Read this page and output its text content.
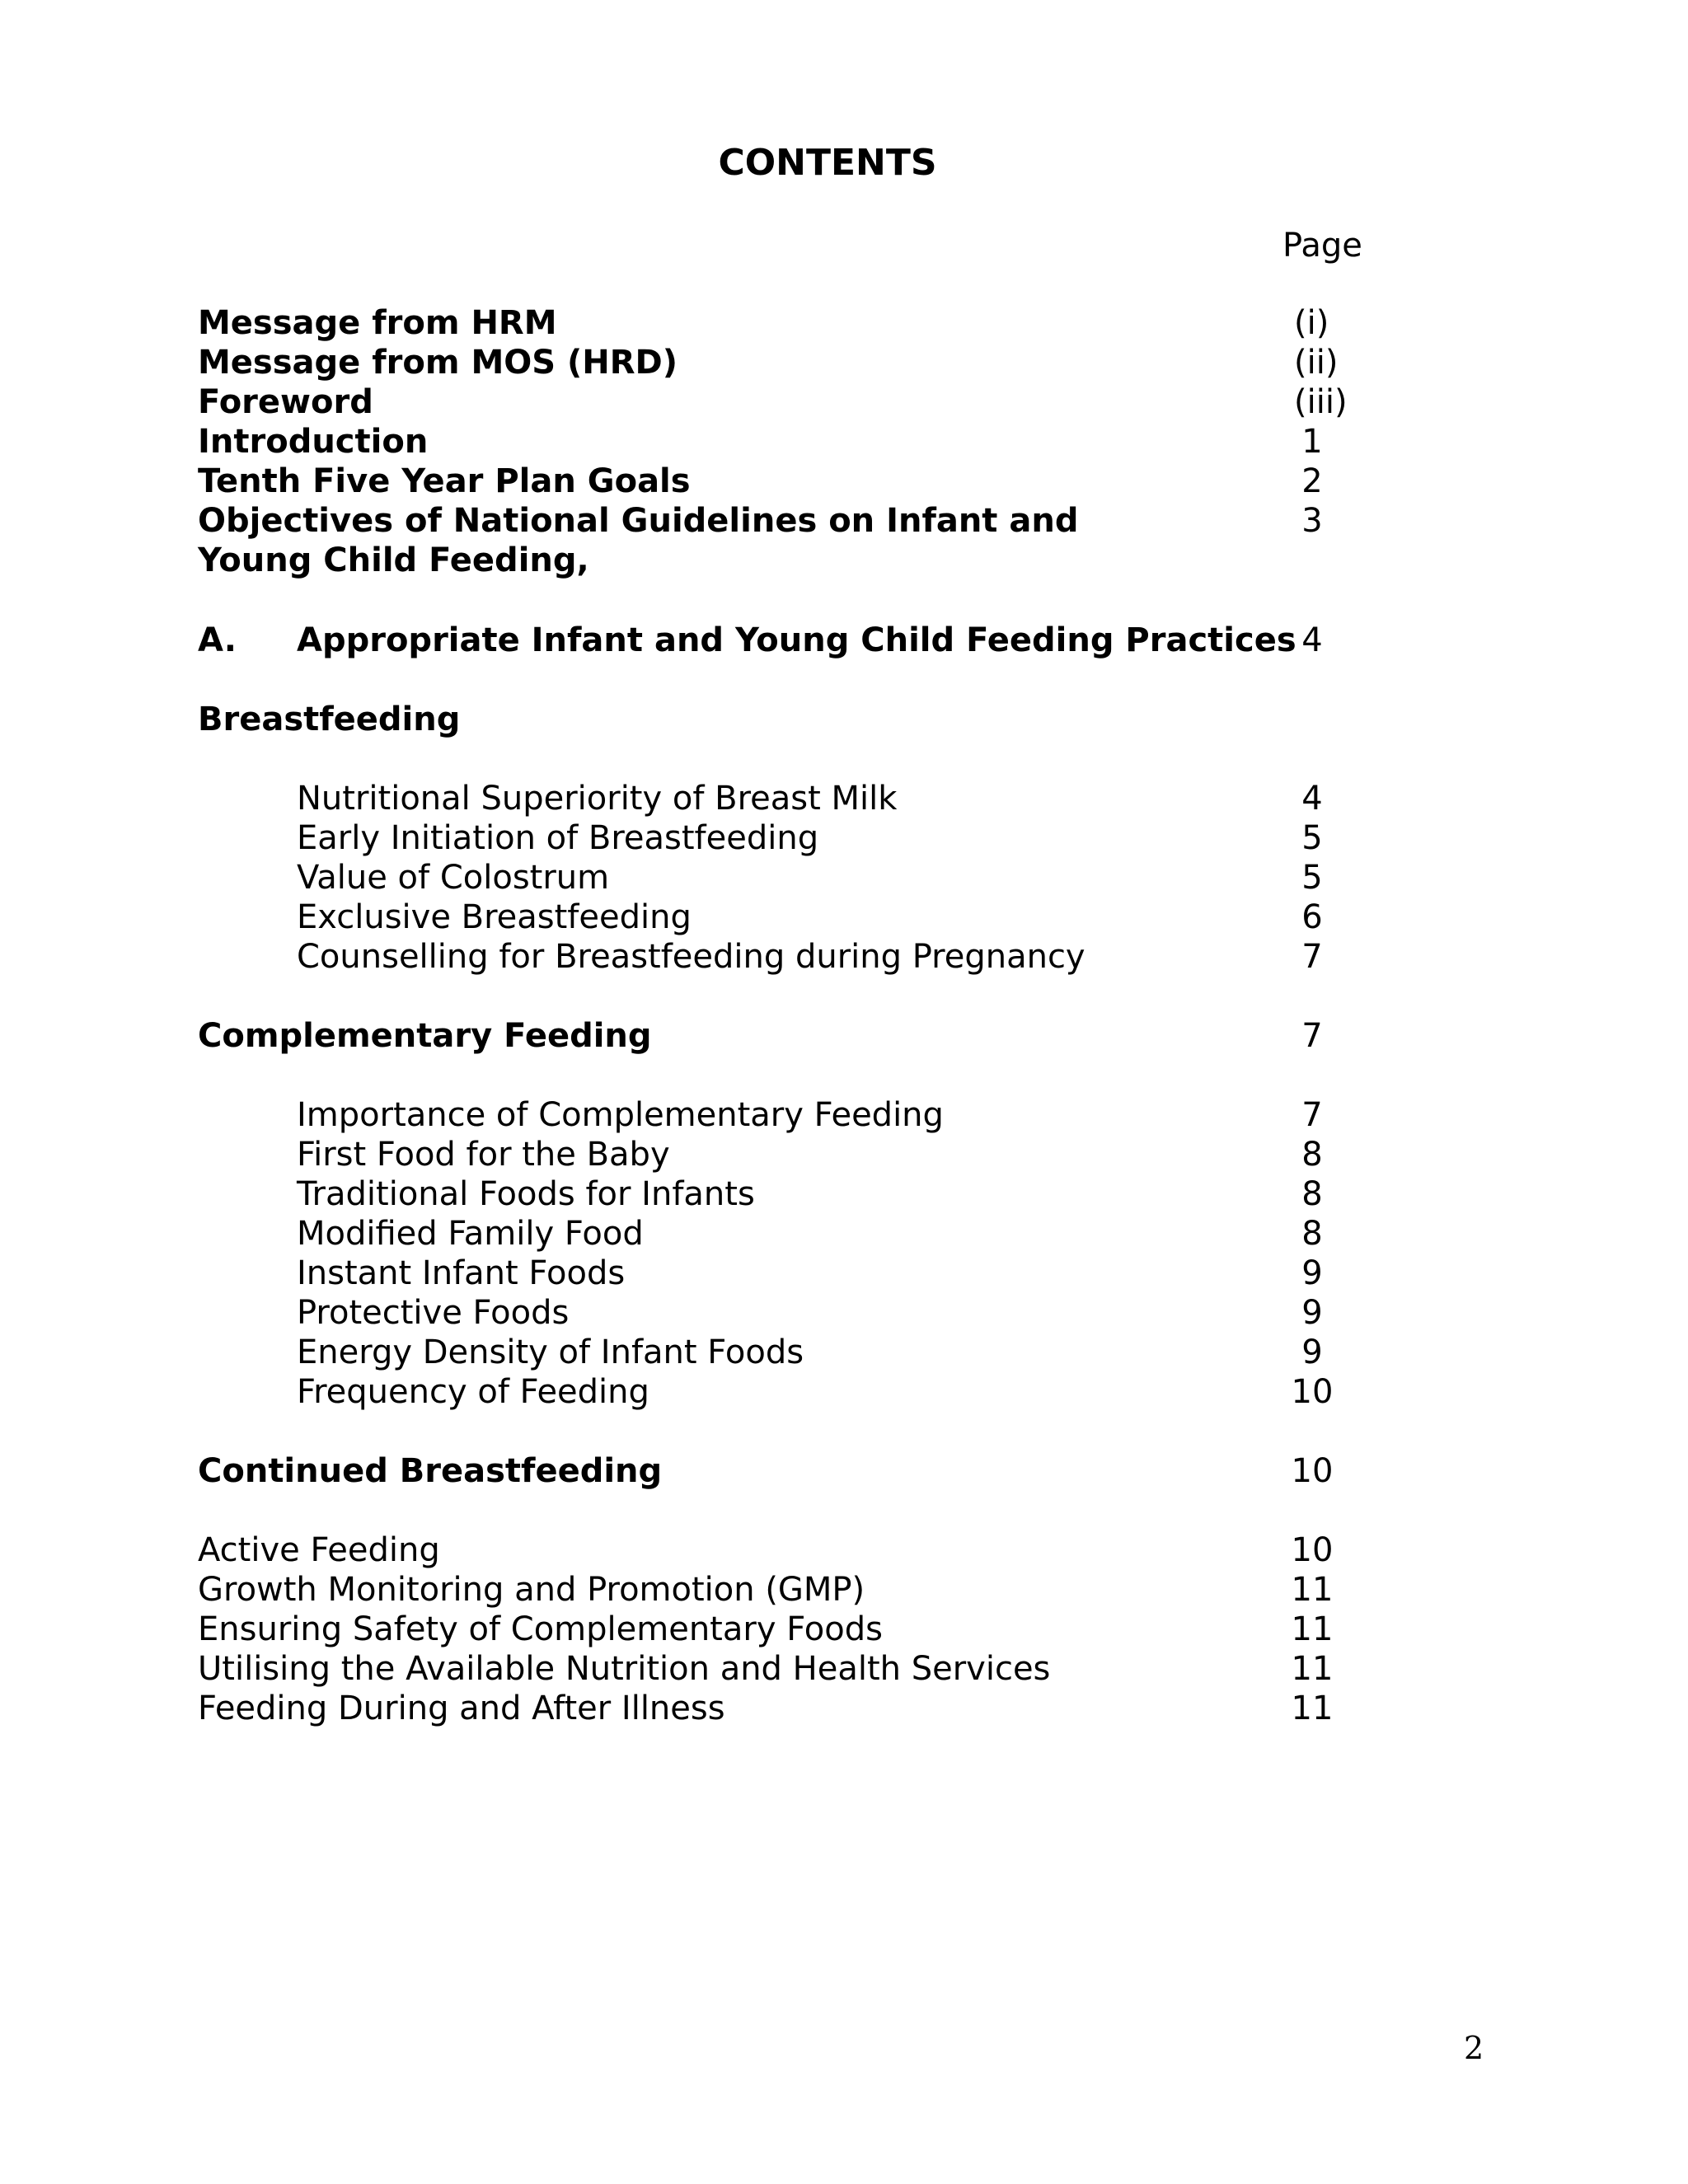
CONTENTS
Page
Message from HRM	(i)
Message from MOS (HRD)	(ii)
Foreword	(iii)
Introduction	1
Tenth Five Year Plan Goals	2
Objectives of National Guidelines on Infant and	3
Young Child Feeding,
A. Appropriate Infant and Young Child Feeding Practices 4
Breastfeeding
Nutritional Superiority of Breast Milk	4
Early Initiation of Breastfeeding	5
Value of Colostrum	5
Exclusive Breastfeeding	6
Counselling for Breastfeeding during Pregnancy	7
Complementary Feeding	7
Importance of Complementary Feeding	7
First Food for the Baby	8
Traditional Foods for Infants	8
Modified Family Food	8
Instant Infant Foods	9
Protective Foods	9
Energy Density of Infant Foods	9
Frequency of Feeding	10
Continued Breastfeeding	10
Active Feeding	10
Growth Monitoring and Promotion (GMP)	11
Ensuring Safety of Complementary Foods	11
Utilising the Available Nutrition and Health Services	11
Feeding During and After Illness	11
2
